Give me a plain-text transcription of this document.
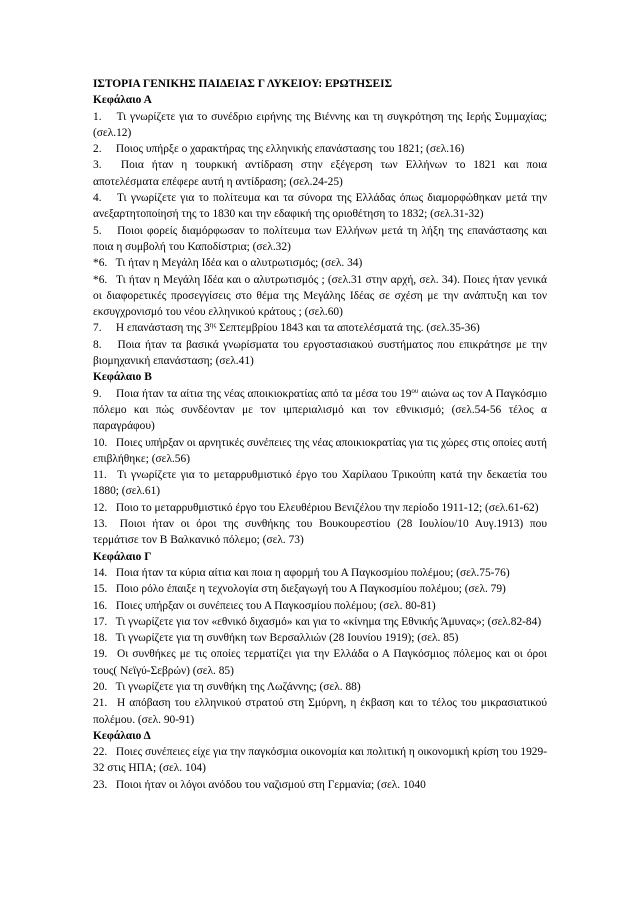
ΙΣΤΟΡΙΑ ΓΕΝΙΚΗΣ ΠΑΙΔΕΙΑΣ Γ ΛΥΚΕΙΟΥ: ΕΡΩΤΗΣΕΙΣ
Κεφάλαιο Α

1. Τι γνωρίζετε για το συνέδριο ειρήνης της Βιέννης και τη συγκρότηση της Ιερής Συμμαχίας; (σελ.12)

2. Ποιος υπήρξε ο χαρακτήρας της ελληνικής επανάστασης του 1821; (σελ.16)

3. Ποια ήταν η τουρκική αντίδραση στην εξέγερση των Ελλήνων το 1821 και ποια αποτελέσματα επέφερε αυτή η αντίδραση; (σελ.24-25)

4. Τι γνωρίζετε για το πολίτευμα και τα σύνορα της Ελλάδας όπως διαμορφώθηκαν μετά την ανεξαρτητοποίησή της το 1830 και την εδαφική της οριοθέτηση το 1832; (σελ.31-32)

5. Ποιοι φορείς διαμόρφωσαν το πολίτευμα των Ελλήνων μετά τη λήξη της επανάστασης και ποια η συμβολή του Καποδίστρια; (σελ.32)

*6. Τι ήταν η Μεγάλη Ιδέα και ο αλυτρωτισμός; (σελ. 34)

*6. Τι ήταν η Μεγάλη Ιδέα και ο αλυτρωτισμός ; (σελ.31 στην αρχή, σελ. 34). Ποιες ήταν γενικά οι διαφορετικές προσεγγίσεις στο θέμα της Μεγάλης Ιδέας σε σχέση με την ανάπτυξη και τον εκσυγχρονισμό του νέου ελληνικού κράτους ; (σελ.60)

7. Η επανάσταση της $3^{\eta\varsigma}$ Σεπτεμβρίου 1843 και τα αποτελέσματά της. (σελ.35-36)

8. Ποια ήταν τα βασικά γνωρίσματα του εργοστασιακού συστήματος που επικράτησε με την βιομηχανική επανάσταση; (σελ.41)

Κεφάλαιο Β

9. Ποια ήταν τα αίτια της νέας αποικιοκρατίας από τα μέσα του $19^{o\upsilon}$ αιώνα ως τον Α Παγκόσμιο πόλεμο και πώς συνδέονταν με τον ιμπεριαλισμό και τον εθνικισμό; (σελ.54-56 τέλος α παραγράφου)

10. Ποιες υπήρξαν οι αρνητικές συνέπειες της νέας αποικιοκρατίας για τις χώρες στις οποίες αυτή επιβλήθηκε; (σελ.56)

11. Τι γνωρίζετε για το μεταρρυθμιστικό έργο του Χαρίλαου Τρικούπη κατά την δεκαετία του 1880; (σελ.61)

12. Ποιο το μεταρρυθμιστικό έργο του Ελευθέριου Βενιζέλου την περίοδο 1911-12; (σελ.61-62)

13. Ποιοι ήταν οι όροι της συνθήκης του Βουκουρεστίου (28 Ιουλίου/10 Αυγ.1913) που τερμάτισε τον Β Βαλκανικό πόλεμο; (σελ. 73)

Κεφάλαιο Γ

14. Ποια ήταν τα κύρια αίτια και ποια η αφορμή του Α Παγκοσμίου πολέμου; (σελ.75-76)

15. Ποιο ρόλο έπαιξε η τεχνολογία στη διεξαγωγή του Α Παγκοσμίου πολέμου; (σελ. 79)

16. Ποιες υπήρξαν οι συνέπειες του Α Παγκοσμίου πολέμου; (σελ. 80-81)

17. Τι γνωρίζετε για τον «εθνικό διχασμό» και για το «κίνημα της Εθνικής Άμυνας»; (σελ.82-84)

18. Τι γνωρίζετε για τη συνθήκη των Βερσαλλιών (28 Ιουνίου 1919); (σελ. 85)

19. Οι συνθήκες με τις οποίες τερματίζει για την Ελλάδα ο Α Παγκόσμιος πόλεμος και οι όροι τους( Νεϊγύ-Σεβρών) (σελ. 85)

20. Τι γνωρίζετε για τη συνθήκη της Λωζάννης; (σελ. 88)

21. Η απόβαση του ελληνικού στρατού στη Σμύρνη, η έκβαση και το τέλος του μικρασιατικού πολέμου. (σελ. 90-91)

Κεφάλαιο Δ

22. Ποιες συνέπειες είχε για την παγκόσμια οικονομία και πολιτική η οικονομική κρίση του 1929-32 στις ΗΠΑ; (σελ. 104)

23. Ποιοι ήταν οι λόγοι ανόδου του ναζισμού στη Γερμανία; (σελ. 1040
